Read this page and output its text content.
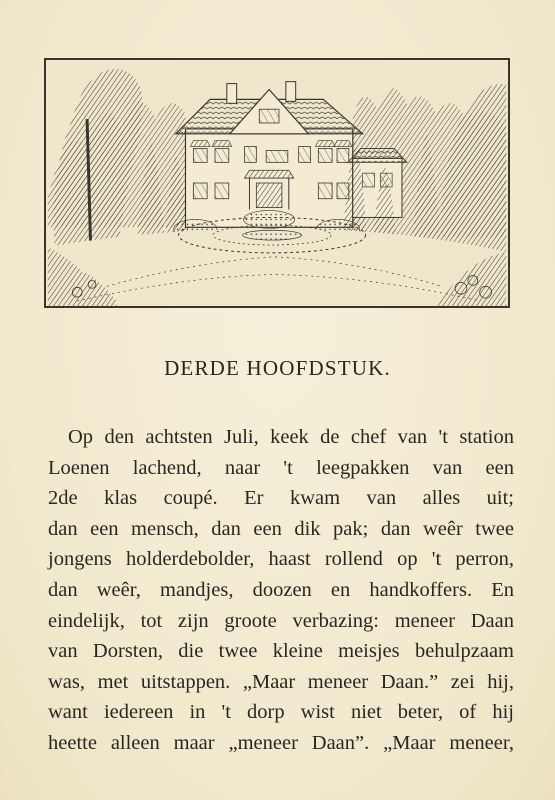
DERDE HOOFDSTUK.
Op den achtsten Juli, keek de chef van 't station
Loenen lachend, naar 't leegpakken van een
2de klas coupé. Er kwam van alles uit;
dan een mensch, dan een dik pak; dan weêr twee
jongens holderdebolder, haast rollend op 't perron,
dan weêr, mandjes, doozen en handkoffers. En
eindelijk, tot zijn groote verbazing: meneer Daan
van Dorsten, die twee kleine meisjes behulpzaam
was, met uitstappen. „Maar meneer Daan.” zei hij,
want iedereen in 't dorp wist niet beter, of hij
heette alleen maar „meneer Daan”. „Maar meneer,
